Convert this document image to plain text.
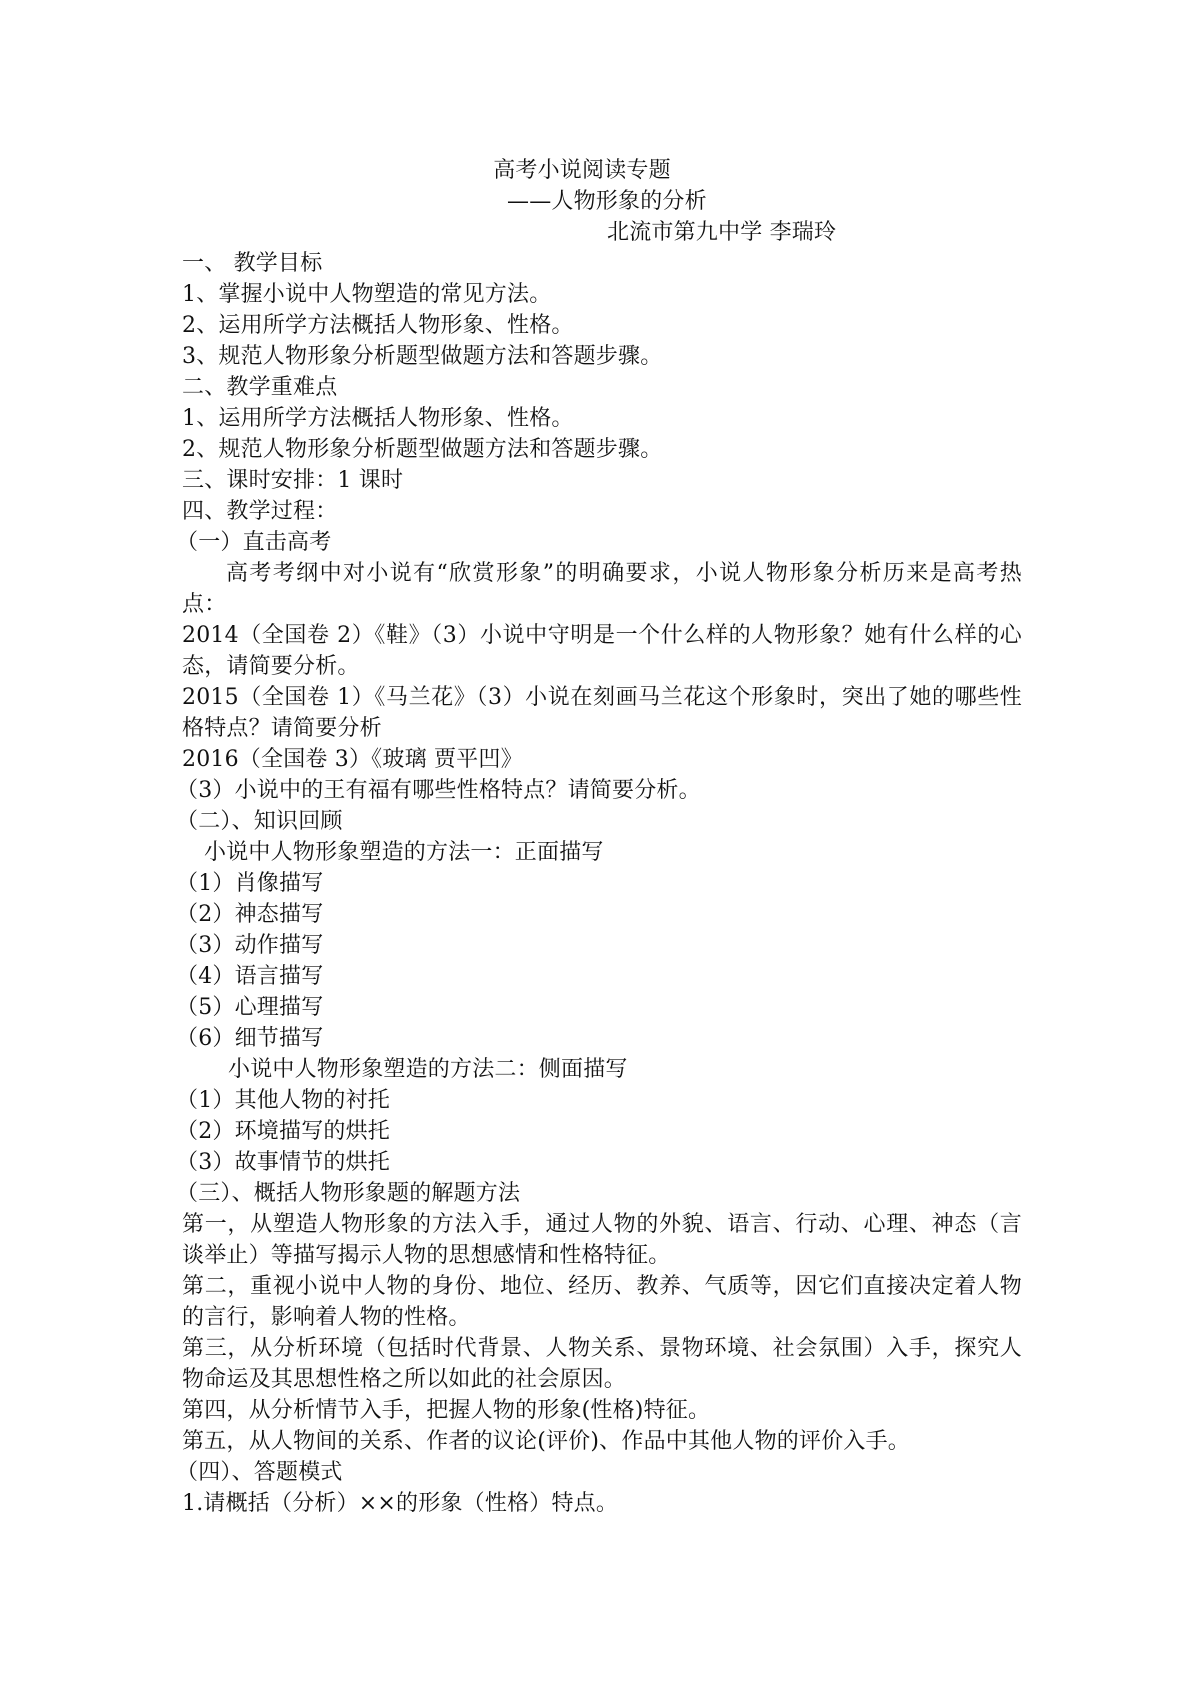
高考小说阅读专题
——人物形象的分析
北流市第九中学 李瑞玲
一、 教学目标
1、掌握小说中人物塑造的常见方法。
2、运用所学方法概括人物形象、性格。
3、规范人物形象分析题型做题方法和答题步骤。
二、教学重难点
1、运用所学方法概括人物形象、性格。
2、规范人物形象分析题型做题方法和答题步骤。
三、课时安排：1 课时
四、教学过程：
（一）直击高考
高考考纲中对小说有“欣赏形象”的明确要求，小说人物形象分析历来是高考热点：
2014（全国卷 2）《鞋》（3）小说中守明是一个什么样的人物形象？她有什么样的心态，请简要分析。
2015（全国卷 1）《马兰花》（3）小说在刻画马兰花这个形象时，突出了她的哪些性格特点？请简要分析
2016（全国卷 3）《玻璃 贾平凹》
（3）小说中的王有福有哪些性格特点？请简要分析。
（二）、知识回顾
小说中人物形象塑造的方法一：正面描写
（1）肖像描写
（2）神态描写
（3）动作描写
（4）语言描写
（5）心理描写
（6）细节描写
小说中人物形象塑造的方法二：侧面描写
（1）其他人物的衬托
（2）环境描写的烘托
（3）故事情节的烘托
（三）、概括人物形象题的解题方法
第一，从塑造人物形象的方法入手，通过人物的外貌、语言、行动、心理、神态（言谈举止）等描写揭示人物的思想感情和性格特征。
第二，重视小说中人物的身份、地位、经历、教养、气质等，因它们直接决定着人物的言行，影响着人物的性格。
第三，从分析环境（包括时代背景、人物关系、景物环境、社会氛围）入手，探究人物命运及其思想性格之所以如此的社会原因。
第四，从分析情节入手，把握人物的形象(性格)特征。
第五，从人物间的关系、作者的议论(评价)、作品中其他人物的评价入手。
（四）、答题模式
1.请概括（分析）××的形象（性格）特点。
